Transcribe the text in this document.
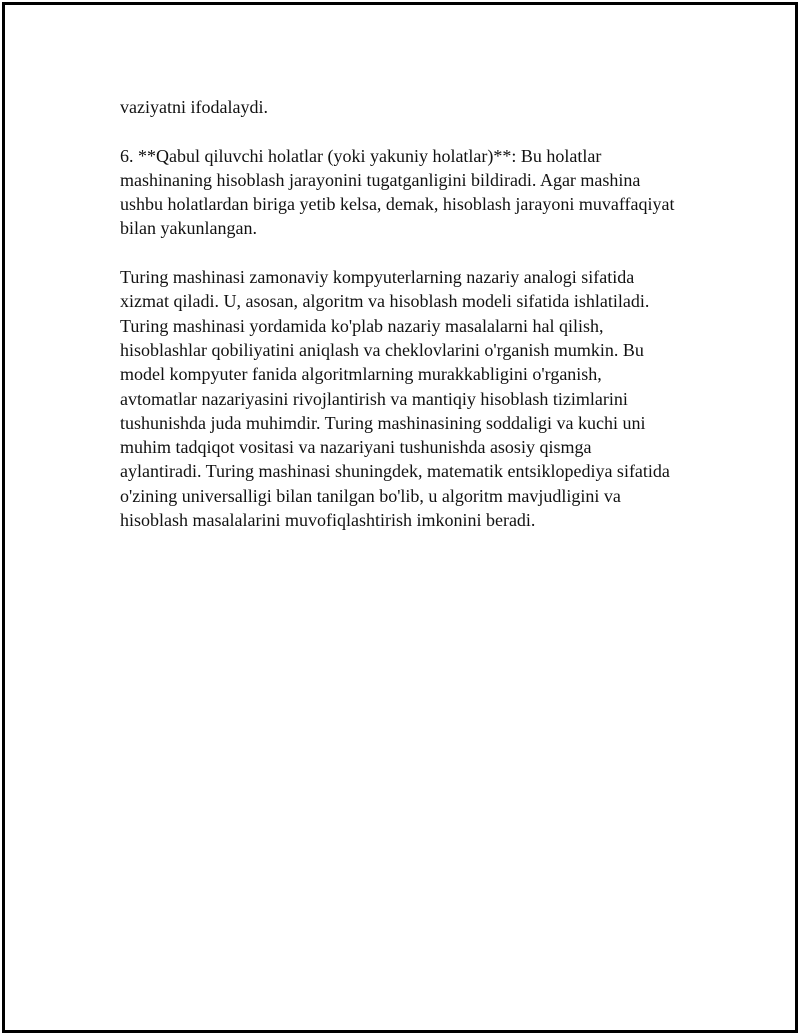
vaziyatni ifodalaydi.

6. **Qabul qiluvchi holatlar (yoki yakuniy holatlar)**: Bu holatlar
mashinaning hisoblash jarayonini tugatganligini bildiradi. Agar mashina
ushbu holatlardan biriga yetib kelsa, demak, hisoblash jarayoni muvaffaqiyat
bilan yakunlangan.

Turing mashinasi zamonaviy kompyuterlarning nazariy analogi sifatida
xizmat qiladi. U, asosan, algoritm va hisoblash modeli sifatida ishlatiladi.
Turing mashinasi yordamida ko'plab nazariy masalalarni hal qilish,
hisoblashlar qobiliyatini aniqlash va cheklovlarini o'rganish mumkin. Bu
model kompyuter fanida algoritmlarning murakkabligini o'rganish,
avtomatlar nazariyasini rivojlantirish va mantiqiy hisoblash tizimlarini
tushunishda juda muhimdir. Turing mashinasining soddaligi va kuchi uni
muhim tadqiqot vositasi va nazariyani tushunishda asosiy qismga
aylantiradi. Turing mashinasi shuningdek, matematik entsiklopediya sifatida
o'zining universalligi bilan tanilgan bo'lib, u algoritm mavjudligini va
hisoblash masalalarini muvofiqlashtirish imkonini beradi.
